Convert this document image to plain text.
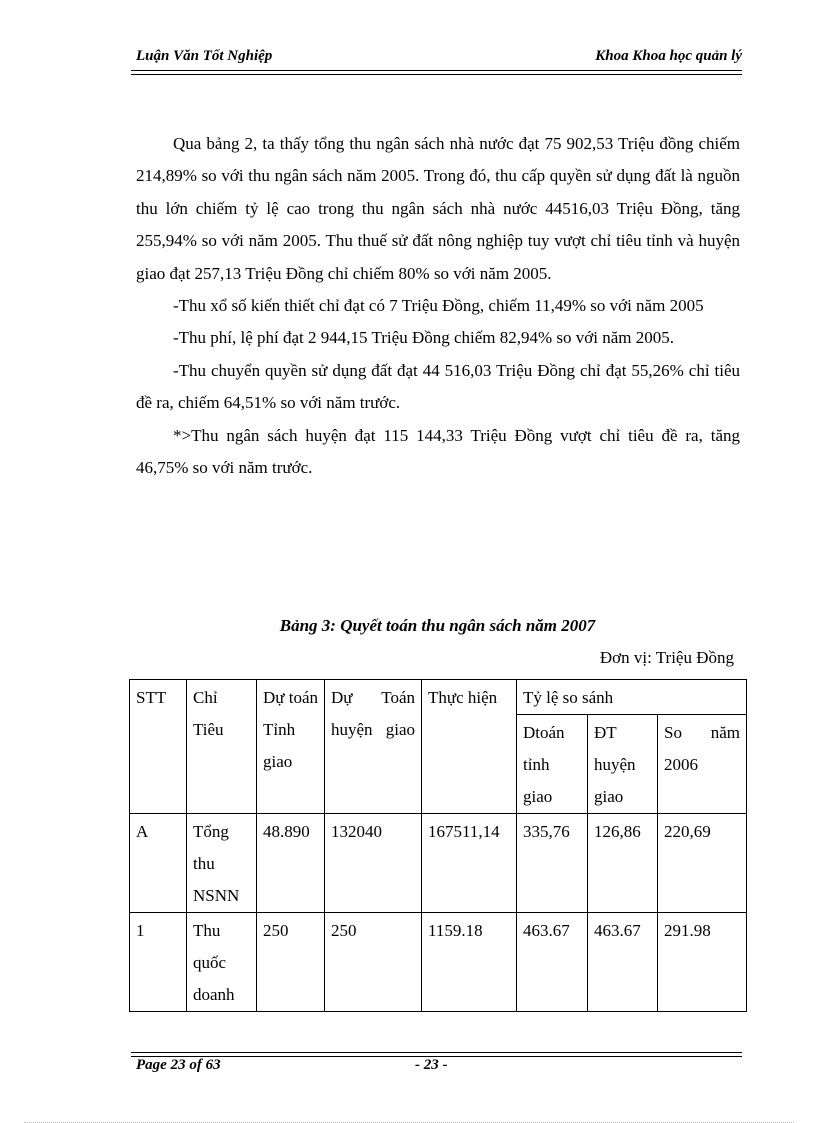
Luận Văn Tốt Nghiệp	Khoa Khoa học quản lý

Qua bảng 2, ta thấy tổng thu ngân sách nhà nước đạt 75 902,53 Triệu đồng chiếm 214,89% so với thu ngân sách năm 2005. Trong đó, thu cấp quyền sử dụng đất là nguồn thu lớn chiếm tỷ lệ cao trong thu ngân sách nhà nước 44516,03 Triệu Đồng, tăng 255,94% so với năm 2005. Thu thuế sử đất nông nghiệp tuy vượt chỉ tiêu tỉnh và huyện giao đạt 257,13 Triệu Đồng chỉ chiếm 80% so với năm 2005.

-Thu xổ số kiến thiết chỉ đạt có 7 Triệu Đồng, chiếm 11,49% so với năm 2005

-Thu phí, lệ phí đạt 2 944,15 Triệu Đồng chiếm 82,94% so với năm 2005.

-Thu chuyển quyền sử dụng đất đạt 44 516,03 Triệu Đồng chỉ đạt 55,26% chỉ tiêu đề ra, chiếm 64,51% so với năm trước.

*>Thu ngân sách huyện đạt 115 144,33 Triệu Đồng vượt chỉ tiêu đề ra, tăng 46,75% so với năm trước.

Bảng 3: Quyết toán thu ngân sách năm 2007
Đơn vị: Triệu Đồng
STT	Chỉ Tiêu	Dự toán Tỉnh giao	Dự Toán huyện giao	Thực hiện	Tỷ lệ so sánh		
					Dtoán tỉnh giao	ĐT huyện giao	So năm 2006

A	Tổng thu NSNN	48.890	132040	167511,14	335,76	126,86	220,69
1	Thu quốc doanh	250	250	1159.18	463.67	463.67	291.98
Page 23 of 63	- 23 -
